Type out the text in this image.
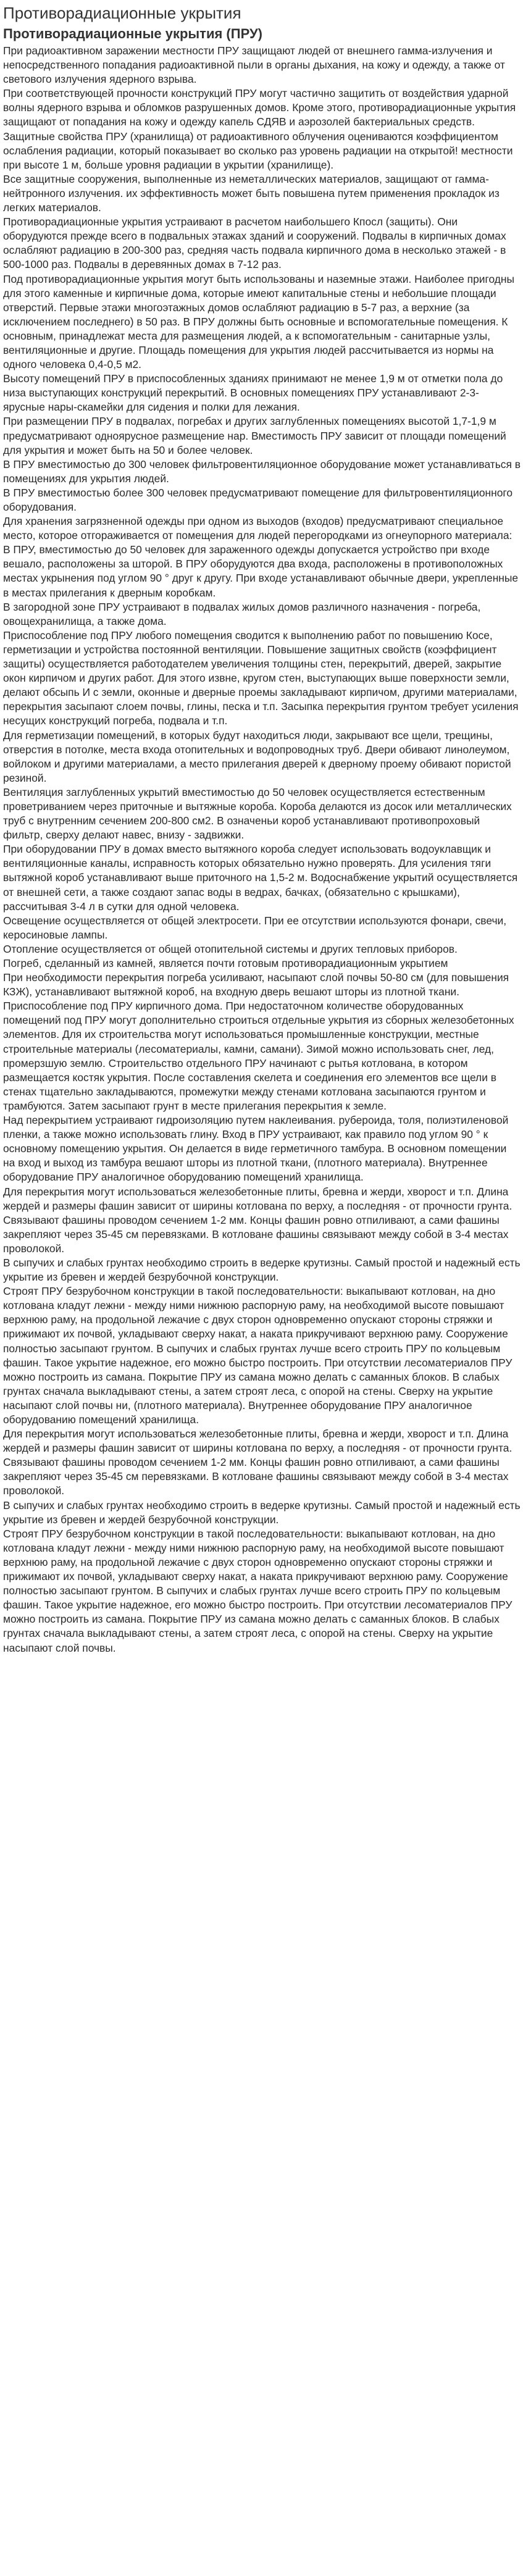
Противорадиационные укрытия
Противорадиационные укрытия (ПРУ)

При радиоактивном заражении местности ПРУ защищают людей от внешнего гамма-излучения и непосредственного попадания радиоактивной пыли в органы дыхания, на кожу и одежду, а также от светового излучения ядерного взрыва.

При соответствующей прочности конструкций ПРУ могут частично защитить от воздействия ударной волны ядерного взрыва и обломков разрушенных домов. Кроме этого, противорадиационные укрытия защищают от попадания на кожу и одежду капель СДЯВ и аэрозолей бактериальных средств. Защитные свойства ПРУ (хранилища) от радиоактивного облучения оцениваются коэффициентом ослабления радиации, который показывает во сколько раз уровень радиации на открытой! местности при высоте 1 м, больше уровня радиации в укрытии (хранилище).

Все защитные сооружения, выполненные из неметаллических материалов, защищают от гамма-нейтронного излучения. их эффективность может быть повышена путем применения прокладок из легких материалов.

Противорадиационные укрытия устраивают в расчетом наибольшего Кпосл (защиты). Они оборудуются прежде всего в подвальных этажах зданий и сооружений. Подвалы в кирпичных домах ослабляют радиацию в 200-300 раз, средняя часть подвала кирпичного дома в несколько этажей - в 500-1000 раз. Подвалы в деревянных домах в 7-12 раз.

Под противорадиационные укрытия могут быть использованы и наземные этажи. Наиболее пригодны для этого каменные и кирпичные дома, которые имеют капитальные стены и небольшие площади отверстий. Первые этажи многоэтажных домов ослабляют радиацию в 5-7 раз, а верхние (за исключением последнего) в 50 раз. В ПРУ должны быть основные и вспомогательные помещения. К основным, принадлежат места для размещения людей, а к вспомогательным - санитарные узлы, вентиляционные и другие. Площадь помещения для укрытия людей рассчитывается из нормы на одного человека 0,4-0,5 м2.

Высоту помещений ПРУ в приспособленных зданиях принимают не менее 1,9 м от отметки пола до низа выступающих конструкций перекрытий. В основных помещениях ПРУ устанавливают 2-3-ярусные нары-скамейки для сидения и полки для лежания.

При размещении ПРУ в подвалах, погребах и других заглубленных помещениях высотой 1,7-1,9 м предусматривают одноярусное размещение нар. Вместимость ПРУ зависит от площади помещений для укрытия и может быть на 50 и более человек.

В ПРУ вместимостью до 300 человек фильтровентиляционное оборудование может устанавливаться в помещениях для укрытия людей.

В ПРУ вместимостью более 300 человек предусматривают помещение для фильтровентиляционного оборудования.

Для хранения загрязненной одежды при одном из выходов (входов) предусматривают специальное место, которое отгораживается от помещения для людей перегородками из огнеупорного материала:

В ПРУ, вместимостью до 50 человек для зараженного одежды допускается устройство при входе вешало, расположены за шторой. В ПРУ оборудуются два входа, расположены в противоположных местах укрынения под углом 90 ° друг к другу. При входе устанавливают обычные двери, укрепленные в местах прилегания к дверным коробкам.

В загородной зоне ПРУ устраивают в подвалах жилых домов различного назначения - погреба, овощехранилища, а также дома.

Приспособление под ПРУ любого помещения сводится к выполнению работ по повышению Косе, герметизации и устройства постоянной вентиляции. Повышение защитных свойств (коэффициент защиты) осуществляется работодателем увеличения толщины стен, перекрытий, дверей, закрытие окон кирпичом и других работ. Для этого извне, кругом стен, выступающих выше поверхности земли, делают обсыпь И с земли, оконные и дверные проемы закладывают кирпичом, другими материалами, перекрытия засыпают слоем почвы, глины, песка и т.п. Засыпка перекрытия грунтом требует усиления несущих конструкций погреба, подвала и т.п.

Для герметизации помещений, в которых будут находиться люди, закрывают все щели, трещины, отверстия в потолке, места входа отопительных и водопроводных труб. Двери обивают линолеумом, войлоком и другими материалами, а место прилегания дверей к дверному проему обивают пористой резиной.

Вентиляция заглубленных укрытий вместимостью до 50 человек осуществляется естественным проветриванием через приточные и вытяжные короба. Короба делаются из досок или металлических труб с внутренним сечением 200-800 см2. В означеньи короб устанавливают противопроховый фильтр, сверху делают навес, внизу - задвижки.

При оборудовании ПРУ в домах вместо вытяжного короба следует использовать водоуклавщик и вентиляционные каналы, исправность которых обязательно нужно проверять. Для усиления тяги вытяжной короб устанавливают выше приточного на 1,5-2 м. Водоснабжение укрытий осуществляется от внешней сети, а также создают запас воды в ведрах, бачках, (обязательно с крышками), рассчитывая 3-4 л в сутки для одной человека.

Освещение осуществляется от общей электросети. При ее отсутствии используются фонари, свечи, керосиновые лампы.

Отопление осуществляется от общей отопительной системы и других тепловых приборов.

Погреб, сделанный из камней, является почти готовым противорадиационным укрытием

При необходимости перекрытия погреба усиливают, насыпают слой почвы 50-80 см (для повышения КЗЖ), устанавливают вытяжной короб, на входную дверь вешают шторы из плотной ткани. Приспособление под ПРУ кирпичного дома. При недостаточном количестве оборудованных помещений под ПРУ могут дополнительно строиться отдельные укрытия из сборных железобетонных элементов. Для их строительства могут использоваться промышленные конструкции, местные строительные материалы (лесоматериалы, камни, самани). Зимой можно использовать снег, лед, промерзшую землю. Строительство отдельного ПРУ начинают с рытья котлована, в котором размещается костяк укрытия. После составления скелета и соединения его элементов все щели в стенах тщательно закладываются, промежутки между стенами котлована засыпаются грунтом и трамбуются. Затем засыпают грунт в месте прилегания перекрытия к земле.

Над перекрытием устраивают гидроизоляцию путем наклеивания. рубероида, толя, полиэтиленовой пленки, а также можно использовать глину. Вход в ПРУ устраивают, как правило под углом 90 ° к основному помещению укрытия. Он делается в виде герметичного тамбура. В основном помещении на вход и выход из тамбура вешают шторы из плотной ткани, (плотного материала). Внутреннее оборудование ПРУ аналогичное оборудованию помещений хранилища.

Для перекрытия могут использоваться железобетонные плиты, бревна и жерди, хворост и т.п. Длина жердей и размеры фашин зависит от ширины котлована по верху, а последняя - от прочности грунта. Связывают фашины проводом сечением 1-2 мм. Концы фашин ровно отпиливают, а сами фашины закрепляют через 35-45 см перевязками. В котловане фашины связывают между собой в 3-4 местах проволокой.

В сыпучих и слабых грунтах необходимо строить в ведерке крутизны. Самый простой и надежный есть укрытие из бревен и жердей безрубочной конструкции.

Строят ПРУ безрубочном конструкции в такой последовательности: выкапывают котлован, на дно котлована кладут лежни - между ними нижнюю распорную раму, на необходимой высоте повышают верхнюю раму, на продольной лежачие с двух сторон одновременно опускают стороны стряжки и прижимают их почвой, укладывают сверху накат, а наката прикручивают верхнюю раму. Сооружение полностью засыпают грунтом. В сыпучих и слабых грунтах лучше всего строить ПРУ по кольцевым фашин. Такое укрытие надежное, его можно быстро построить. При отсутствии лесоматериалов ПРУ можно построить из самана. Покрытие ПРУ из самана можно делать с саманных блоков. В слабых грунтах сначала выкладывают стены, а затем строят леса, с опорой на стены. Сверху на укрытие насыпают слой почвы ни, (плотного материала). Внутреннее оборудование ПРУ аналогичное оборудованию помещений хранилища.

Для перекрытия могут использоваться железобетонные плиты, бревна и жерди, хворост и т.п. Длина жердей и размеры фашин зависит от ширины котлована по верху, а последняя - от прочности грунта. Связывают фашины проводом сечением 1-2 мм. Концы фашин ровно отпиливают, а сами фашины закрепляют через 35-45 см перевязками. В котловане фашины связывают между собой в 3-4 местах проволокой.

В сыпучих и слабых грунтах необходимо строить в ведерке крутизны. Самый простой и надежный есть укрытие из бревен и жердей безрубочной конструкции.

Строят ПРУ безрубочном конструкции в такой последовательности: выкапывают котлован, на дно котлована кладут лежни - между ними нижнюю распорную раму, на необходимой высоте повышают верхнюю раму, на продольной лежачие с двух сторон одновременно опускают стороны стряжки и прижимают их почвой, укладывают сверху накат, а наката прикручивают верхнюю раму. Сооружение полностью засыпают грунтом. В сыпучих и слабых грунтах лучше всего строить ПРУ по кольцевым фашин. Такое укрытие надежное, его можно быстро построить. При отсутствии лесоматериалов ПРУ можно построить из самана. Покрытие ПРУ из самана можно делать с саманных блоков. В слабых грунтах сначала выкладывают стены, а затем строят леса, с опорой на стены. Сверху на укрытие насыпают слой почвы.
